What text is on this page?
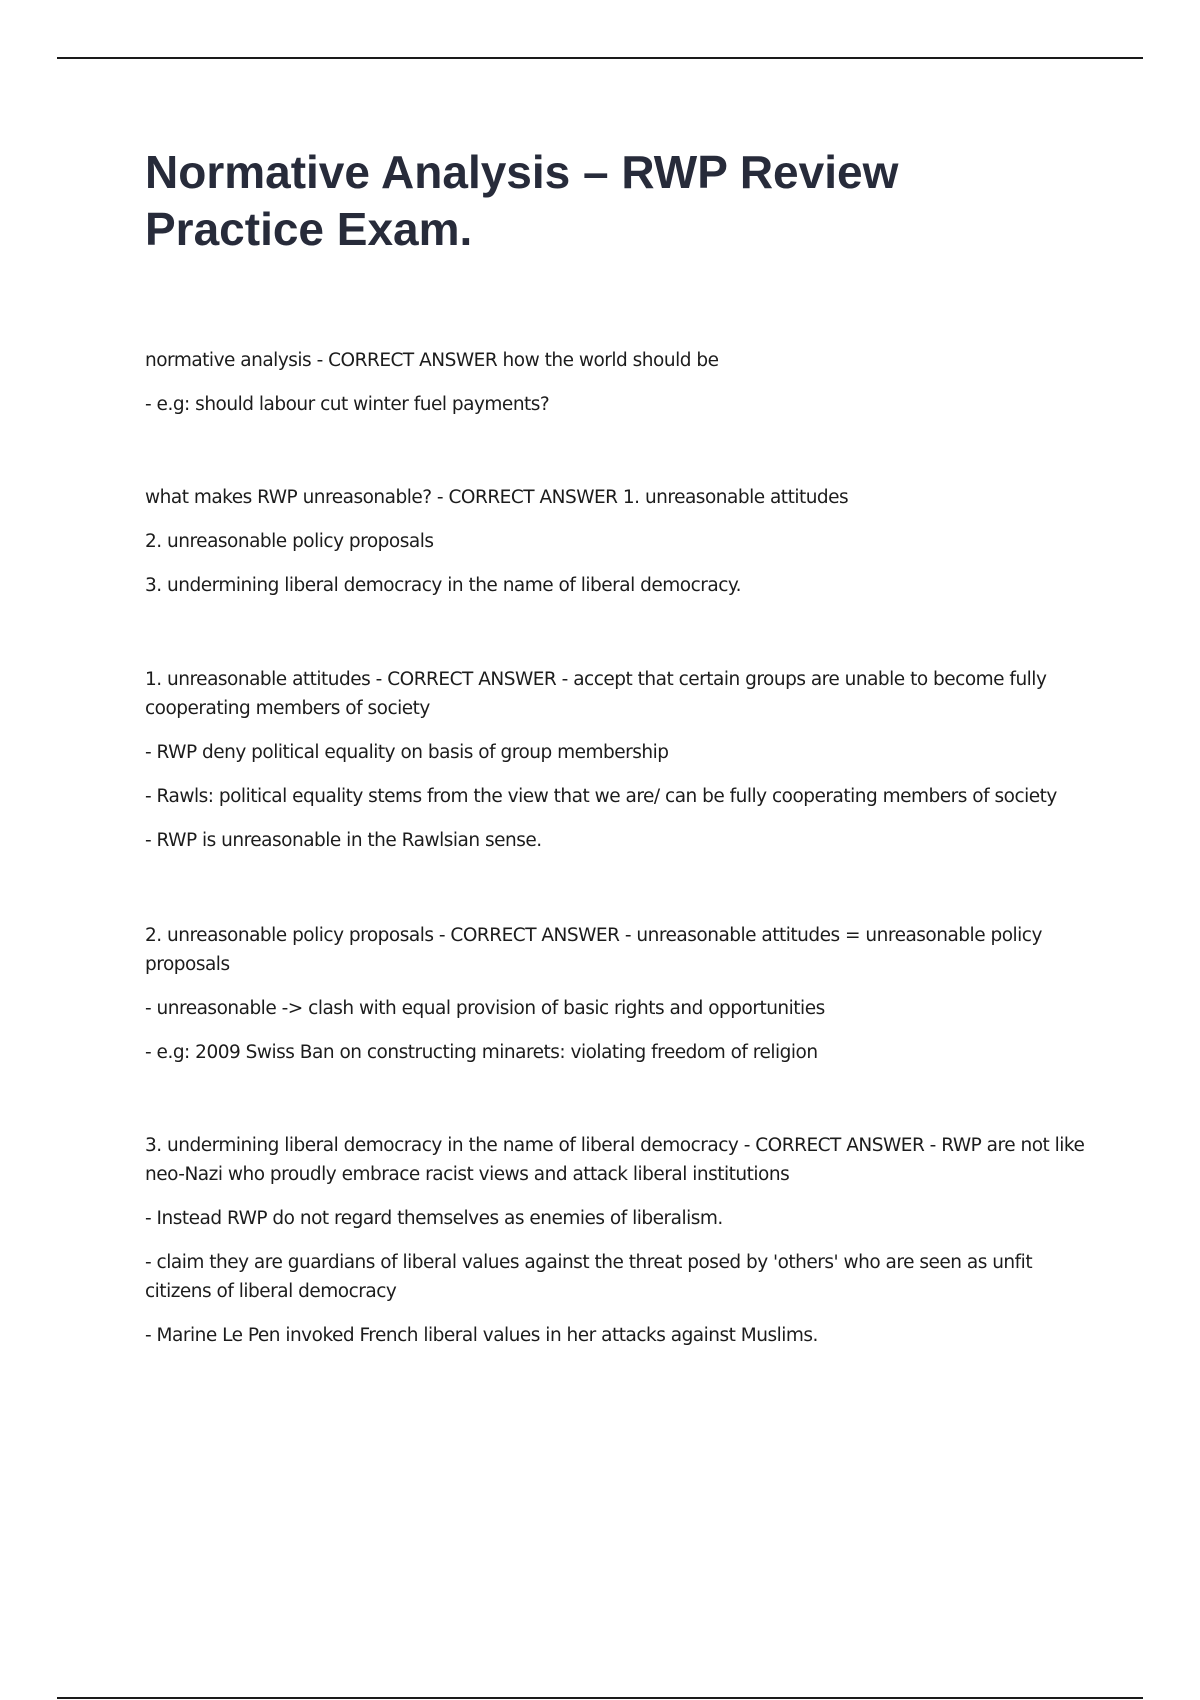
Normative Analysis – RWP Review Practice Exam.

normative analysis - CORRECT ANSWER how the world should be

- e.g: should labour cut winter fuel payments?

what makes RWP unreasonable? - CORRECT ANSWER 1. unreasonable attitudes

2. unreasonable policy proposals

3. undermining liberal democracy in the name of liberal democracy.

1. unreasonable attitudes - CORRECT ANSWER - accept that certain groups are unable to become fully cooperating members of society

- RWP deny political equality on basis of group membership

- Rawls: political equality stems from the view that we are/ can be fully cooperating members of society

- RWP is unreasonable in the Rawlsian sense.

2. unreasonable policy proposals - CORRECT ANSWER - unreasonable attitudes = unreasonable policy proposals

- unreasonable -> clash with equal provision of basic rights and opportunities

- e.g: 2009 Swiss Ban on constructing minarets: violating freedom of religion

3. undermining liberal democracy in the name of liberal democracy - CORRECT ANSWER - RWP are not like neo-Nazi who proudly embrace racist views and attack liberal institutions

- Instead RWP do not regard themselves as enemies of liberalism.

- claim they are guardians of liberal values against the threat posed by 'others' who are seen as unfit citizens of liberal democracy

- Marine Le Pen invoked French liberal values in her attacks against Muslims.
